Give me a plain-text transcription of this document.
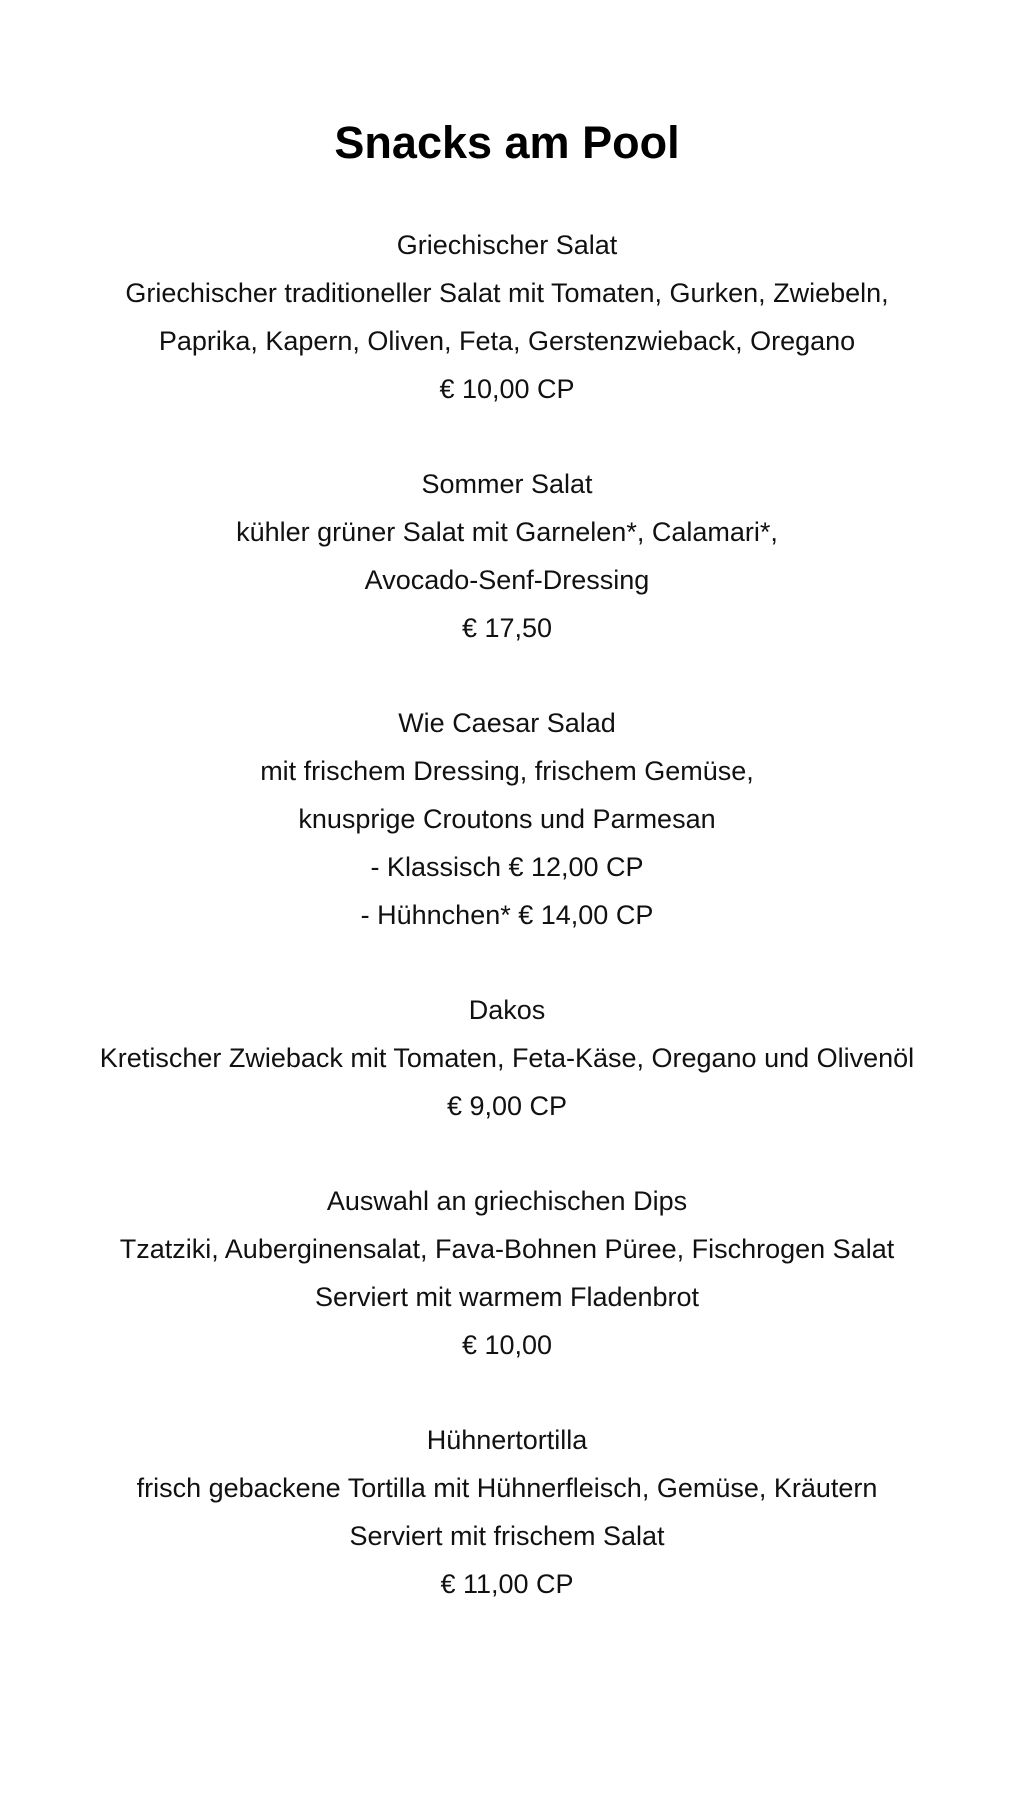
Snacks am Pool
Griechischer Salat
Griechischer traditioneller Salat mit Tomaten, Gurken, Zwiebeln,
Paprika, Kapern, Oliven, Feta, Gerstenzwieback, Oregano
€ 10,00 CP
Sommer Salat
kühler grüner Salat mit Garnelen*, Calamari*,
Avocado-Senf-Dressing
€ 17,50
Wie Caesar Salad
mit frischem Dressing, frischem Gemüse,
knusprige Croutons und Parmesan
- Klassisch € 12,00 CP
- Hühnchen* € 14,00 CP
Dakos
Kretischer Zwieback mit Tomaten, Feta-Käse, Oregano und Olivenöl
€ 9,00 CP
Auswahl an griechischen Dips
Tzatziki, Auberginensalat, Fava-Bohnen Püree, Fischrogen Salat
Serviert mit warmem Fladenbrot
€ 10,00
Hühnertortilla
frisch gebackene Tortilla mit Hühnerfleisch, Gemüse, Kräutern
Serviert mit frischem Salat
€ 11,00 CP
